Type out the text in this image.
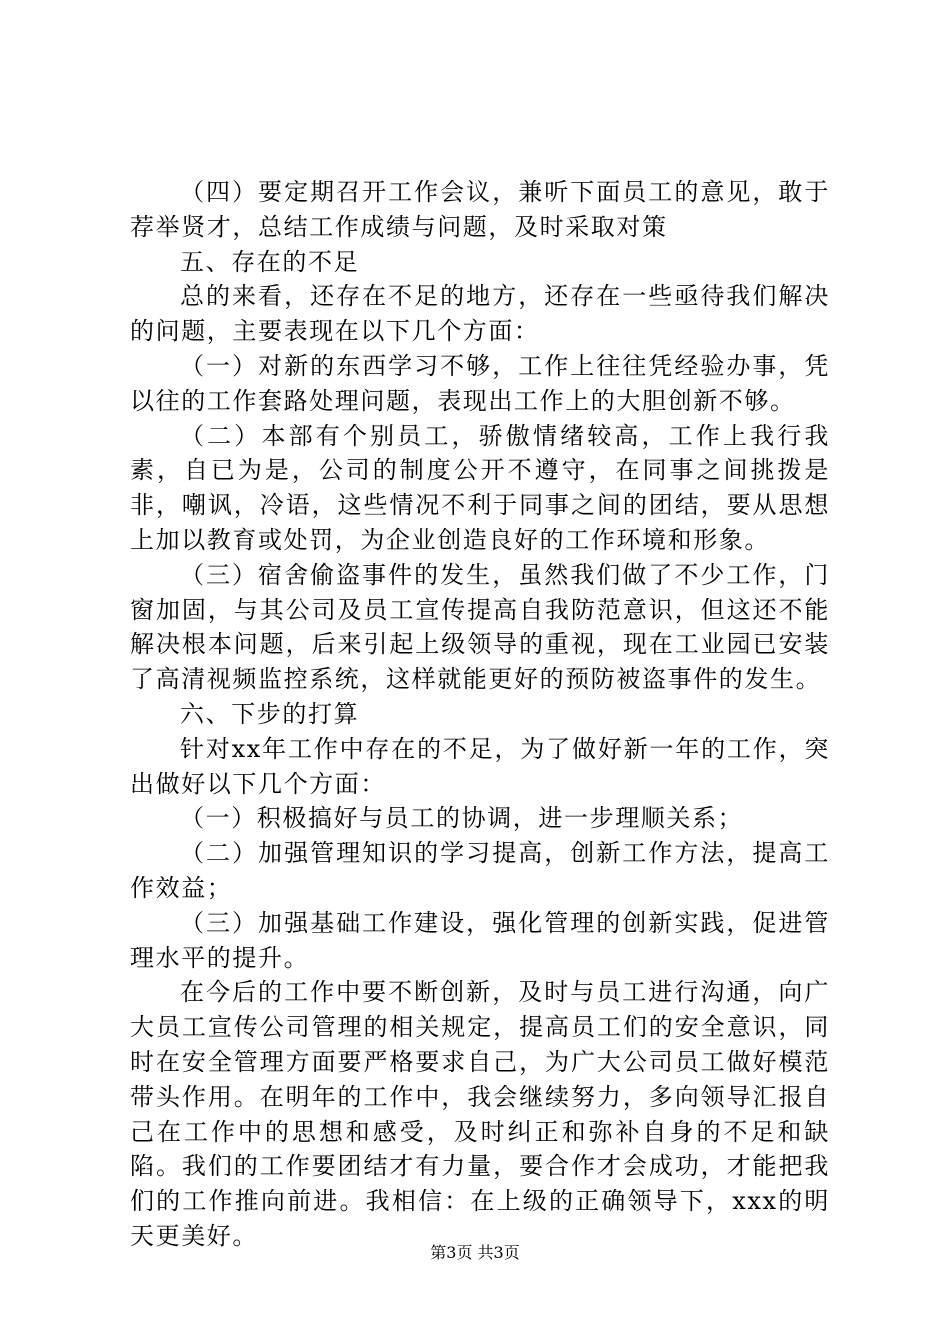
（四）要定期召开工作会议，兼听下面员工的意见，敢于荐举贤才，总结工作成绩与问题，及时采取对策

五、存在的不足

总的来看，还存在不足的地方，还存在一些亟待我们解决的问题，主要表现在以下几个方面：

（一）对新的东西学习不够，工作上往往凭经验办事，凭以往的工作套路处理问题，表现出工作上的大胆创新不够。

（二）本部有个别员工，骄傲情绪较高，工作上我行我素，自已为是，公司的制度公开不遵守，在同事之间挑拨是非，嘲讽，冷语，这些情况不利于同事之间的团结，要从思想上加以教育或处罚，为企业创造良好的工作环境和形象。

（三）宿舍偷盗事件的发生，虽然我们做了不少工作，门窗加固，与其公司及员工宣传提高自我防范意识，但这还不能解决根本问题，后来引起上级领导的重视，现在工业园已安装了高清视频监控系统，这样就能更好的预防被盗事件的发生。

六、下步的打算

针对xx年工作中存在的不足，为了做好新一年的工作，突出做好以下几个方面：

（一）积极搞好与员工的协调，进一步理顺关系；

（二）加强管理知识的学习提高，创新工作方法，提高工作效益；

（三）加强基础工作建设，强化管理的创新实践，促进管理水平的提升。

在今后的工作中要不断创新，及时与员工进行沟通，向广大员工宣传公司管理的相关规定，提高员工们的安全意识，同时在安全管理方面要严格要求自己，为广大公司员工做好模范带头作用。在明年的工作中，我会继续努力，多向领导汇报自己在工作中的思想和感受，及时纠正和弥补自身的不足和缺陷。我们的工作要团结才有力量，要合作才会成功，才能把我们的工作推向前进。我相信：在上级的正确领导下，xxx的明天更美好。

第3页 共3页
